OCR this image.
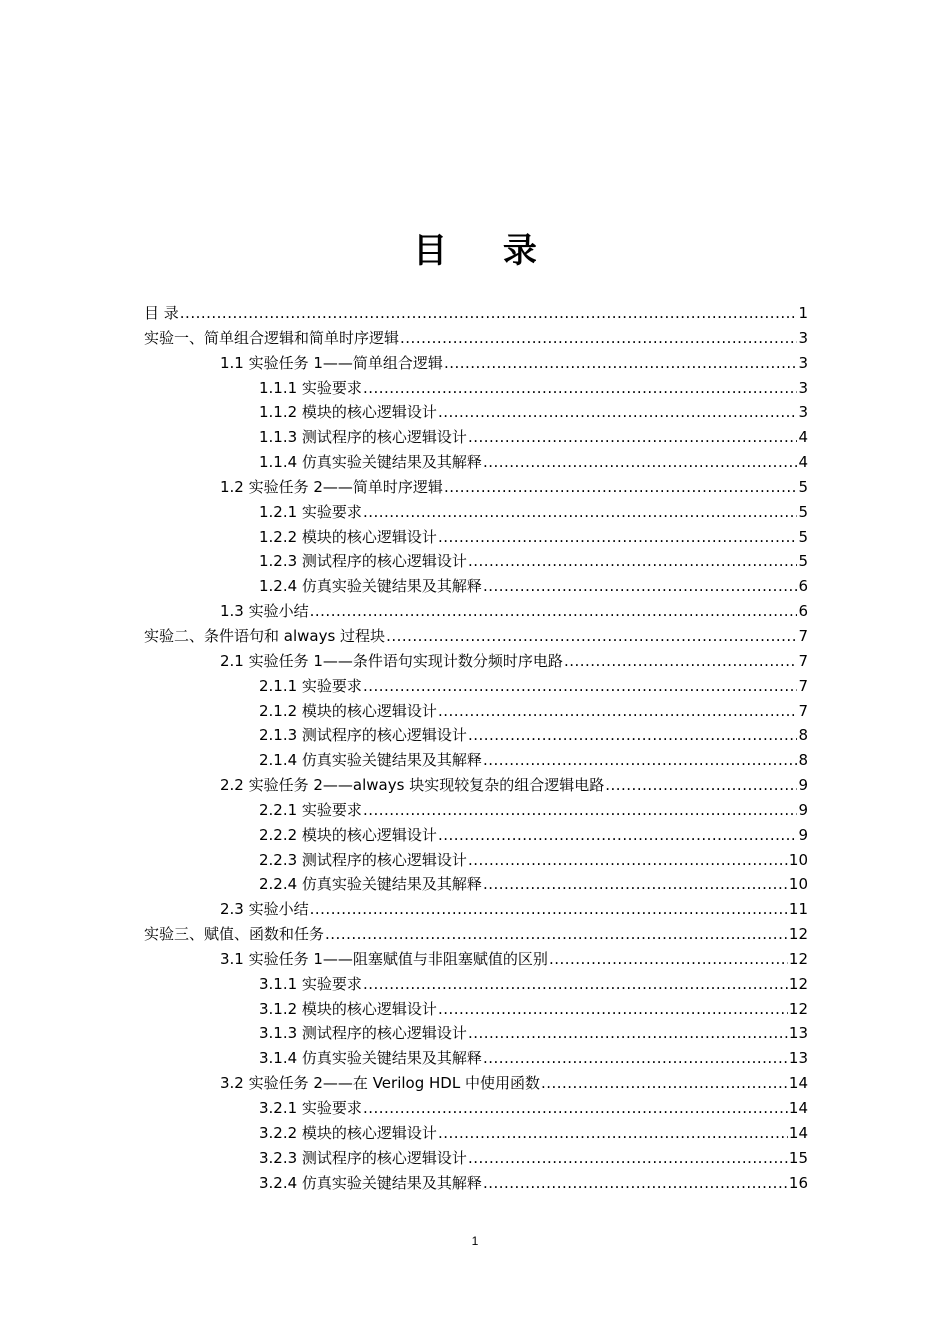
目 录
目 录 .....	1
实验一、简单组合逻辑和简单时序逻辑 .....	3
1.1 实验任务 1——简单组合逻辑 .....	3
1.1.1 实验要求 .....	3
1.1.2 模块的核心逻辑设计 .....	3
1.1.3 测试程序的核心逻辑设计 .....	4
1.1.4 仿真实验关键结果及其解释 .....	4
1.2 实验任务 2——简单时序逻辑 .....	5
1.2.1 实验要求 .....	5
1.2.2 模块的核心逻辑设计 .....	5
1.2.3 测试程序的核心逻辑设计 .....	5
1.2.4 仿真实验关键结果及其解释 .....	6
1.3 实验小结 .....	6
实验二、条件语句和 always 过程块 .....	7
2.1 实验任务 1——条件语句实现计数分频时序电路 .....	7
2.1.1 实验要求 .....	7
2.1.2 模块的核心逻辑设计 .....	7
2.1.3 测试程序的核心逻辑设计 .....	8
2.1.4 仿真实验关键结果及其解释 .....	8
2.2 实验任务 2——always 块实现较复杂的组合逻辑电路 .....	9
2.2.1 实验要求 .....	9
2.2.2 模块的核心逻辑设计 .....	9
2.2.3 测试程序的核心逻辑设计 .....	10
2.2.4 仿真实验关键结果及其解释 .....	10
2.3 实验小结 .....	11
实验三、赋值、函数和任务 .....	12
3.1 实验任务 1——阻塞赋值与非阻塞赋值的区别 .....	12
3.1.1 实验要求 .....	12
3.1.2 模块的核心逻辑设计 .....	12
3.1.3 测试程序的核心逻辑设计 .....	13
3.1.4 仿真实验关键结果及其解释 .....	13
3.2 实验任务 2——在 Verilog HDL 中使用函数 .....	14
3.2.1 实验要求 .....	14
3.2.2 模块的核心逻辑设计 .....	14
3.2.3 测试程序的核心逻辑设计 .....	15
3.2.4 仿真实验关键结果及其解释 .....	16
1
